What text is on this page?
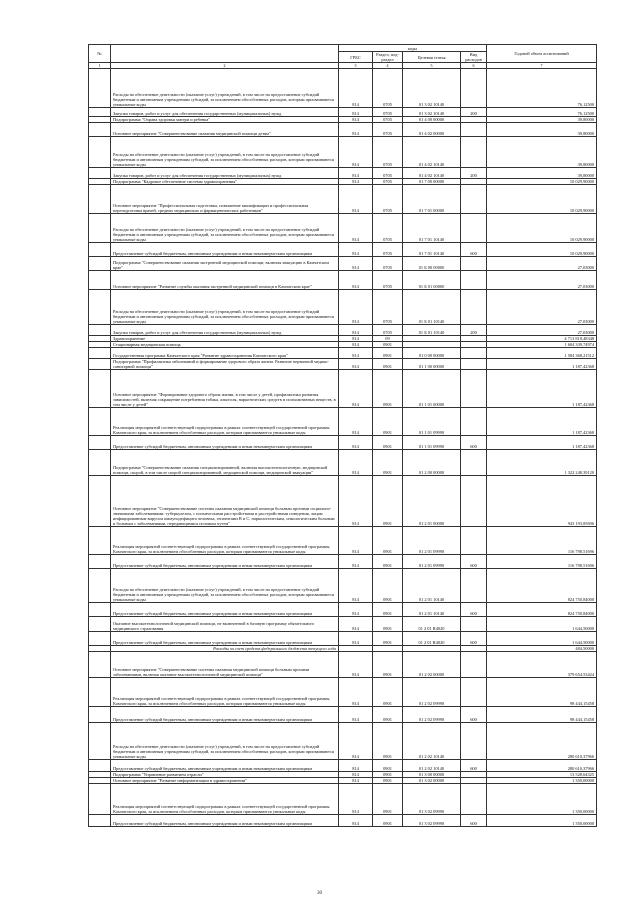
№		коды				Годовой объем ассигнований
		ГРБС	Раздел, под-раздел	Целевая статья	Вид расходов	
1	2	3	4	5	6	7
	Расходы на обеспечение деятельности (оказание услуг) учреждений, в том числе на предоставление субсидий бюджетным и автономным учреждениям субсидий, за исключением обособленных расходов, которым присваиваются уникальные коды	814	0705	01 3 02 10140		76,12500
	Закупка товаров, работ и услуг для обеспечения государственных (муниципальных) нужд	814	0705	01 3 02 10140	200	76,12500
	Подпрограмма "Охрана здоровья матери и ребенка"	814	0705	01 4 00 00000		39,80000
	Основное мероприятие "Совершенствование оказания медицинской помощи детям"	814	0705	01 4 02 00000		39,80000
	Расходы на обеспечение деятельности (оказание услуг) учреждений, в том числе на предоставление субсидий бюджетным и автономным учреждениям субсидий, за исключением обособленных расходов, которым присваиваются уникальные коды	814	0705	01 4 02 10140		39,80000
	Закупка товаров, работ и услуг для обеспечения государственных (муниципальных) нужд	814	0705	01 4 02 10140	200	39,80000
	Подпрограмма "Кадровое обеспечение системы здравоохранения"	814	0705	01 7 00 00000		10 029,90000
	Основное мероприятие "Профессиональная подготовка, повышение квалификации и профессиональная переподготовка врачей, средних медицинских и фармацевтических работников"	814	0705	01 7 01 00000		10 029,90000
	Расходы на обеспечение деятельности (оказание услуг) учреждений, в том числе на предоставление субсидий бюджетным и автономным учреждениям субсидий, за исключением обособленных расходов, которым присваиваются уникальные коды	814	0705	01 7 01 10140		10 029,90000
	Предоставление субсидий бюджетным, автономным учреждениям и иным некоммерческим организациям	814	0705	01 7 01 10140	600	10 029,90000
	Подпрограмма "Совершенствование оказания экстренной медицинской помощи, включая эвакуацию в Камчатском крае"	814	0705	01 Б 00 00000		27,03000
	Основное мероприятие "Развитие службы оказания экстренной медицинской помощи в Камчатском крае"	814	0705	01 Б 01 00000		27,03000
	Расходы на обеспечение деятельности (оказание услуг) учреждений, в том числе на предоставление субсидий бюджетным и автономным учреждениям субсидий, за исключением обособленных расходов, которым присваиваются уникальные коды	814	0705	01 Б 01 10140		27,03000
	Закупка товаров, работ и услуг для обеспечения государственных (муниципальных) нужд	814	0705	01 Б 01 10140	200	27,03000
	Здравоохранение	814	09			4 713 818,48348
	Стационарная медицинская помощь	814	0901			1 604 339,74974
	Государственная программа Камчатского края "Развитие здравоохранения Камчатского края"	814	0901	01 0 00 00000		1 584 368,21512
	Подпрограмма "Профилактика заболеваний и формирование здорового образа жизни. Развитие первичной медико-санитарной помощи"	814	0901	01 1 00 00000		1 187,42368
	Основное мероприятие "Формирование здорового образа жизни, в том числе у детей, профилактика развития зависимостей, включая сокращение потребления табака, алкоголя, наркотических средств и психоактивных веществ, в том числе у детей"	814	0901	01 1 01 00000		1 187,42368
	Реализация мероприятий соответствующей подпрограммы в рамках соответствующей государственной программы Камчатского края, за исключением обособленных расходов, которым присваиваются уникальные коды	814	0901	01 1 01 09990		1 187,42368
	Предоставление субсидий бюджетным, автономным учреждениям и иным некоммерческим организациям	814	0901	01 1 01 09990	600	1 187,42368
	Подпрограмма "Совершенствование оказания специализированной, включая высокотехнологичную, медицинской помощи, скорой, в том числе скорой специализированной, медицинской помощи, медицинской эвакуации"	814	0901	01 2 00 00000		1 322 248,39120
	Основное мероприятие "Совершенствование системы оказания медицинской помощи больным прочими социально-значимыми заболеваниями: туберкулезом, с психическими расстройствами и расстройствами поведения, лицам инфицированным вирусом иммунодефицита человека, гепатитами В и С, наркологическим, онкологическим больным и больным с заболеваниями, передающимися половым путем"	814	0901	01 2 01 00000		943 193,85696
	Реализация мероприятий соответствующей подпрограммы в рамках соответствующей государственной программы Камчатского края, за исключением обособленных расходов, которым присваиваются уникальные коды	814	0901	01 2 01 09990		116 798,51696
	Предоставление субсидий бюджетным, автономным учреждениям и иным некоммерческим организациям	814	0901	01 2 01 09990	600	116 798,51696
	Расходы на обеспечение деятельности (оказание услуг) учреждений, в том числе на предоставление субсидий бюджетным и автономным учреждениям субсидий, за исключением обособленных расходов, которым присваиваются уникальные коды	814	0901	01 2 01 10140		824 750,84000
	Предоставление субсидий бюджетным, автономным учреждениям и иным некоммерческим организациям	814	0901	01 2 01 10140	600	824 750,84000
	Оказание высокотехнологичной медицинской помощи, не включенной в базовую программу обязательного медицинского страхования	814	0901	01 2 01 R4020		1 644,50000
	Предоставление субсидий бюджетным, автономным учреждениям и иным некоммерческим организациям	814	0901	01 2 01 R4020	600	1 644,50000
	Расходы за счет средств федерального бюджета текущего года					484,50000
	Основное мероприятие "Совершенствование системы оказания медицинской помощи больным прочими заболеваниями, включая оказание высокотехнологичной медицинской помощи"	814	0901	01 2 02 00000		379 654,53424
	Реализация мероприятий соответствующей подпрограммы в рамках соответствующей государственной программы Камчатского края, за исключением обособленных расходов, которым присваиваются уникальные коды	814	0901	01 2 02 09990		98 444,15458
	Предоставление субсидий бюджетным, автономным учреждениям и иным некоммерческим организациям	814	0901	01 2 02 09990	600	98 444,15458
	Расходы на обеспечение деятельности (оказание услуг) учреждений, в том числе на предоставление субсидий бюджетным и автономным учреждениям субсидий, за исключением обособленных расходов, которым присваиваются уникальные коды	814	0901	01 2 02 10140		280 610,37966
	Предоставление субсидий бюджетным, автономным учреждениям и иным некоммерческим организациям	814	0901	01 2 02 10140	600	280 610,37966
	Подпрограмма "Управление развитием отрасли"	814	0901	01 3 00 00000		13 528,64325
	Основное мероприятие "Развитие информатизации в здравоохранении"	814	0901	01 3 02 00000		1 350,00000
	Реализация мероприятий соответствующей подпрограммы в рамках соответствующей государственной программы Камчатского края, за исключением обособленных расходов, которым присваиваются уникальные коды	814	0901	01 3 02 09990		1 350,00000
	Предоставление субсидий бюджетным, автономным учреждениям и иным некоммерческим организациям	814	0901	01 3 02 09990	600	1 350,00000
30
